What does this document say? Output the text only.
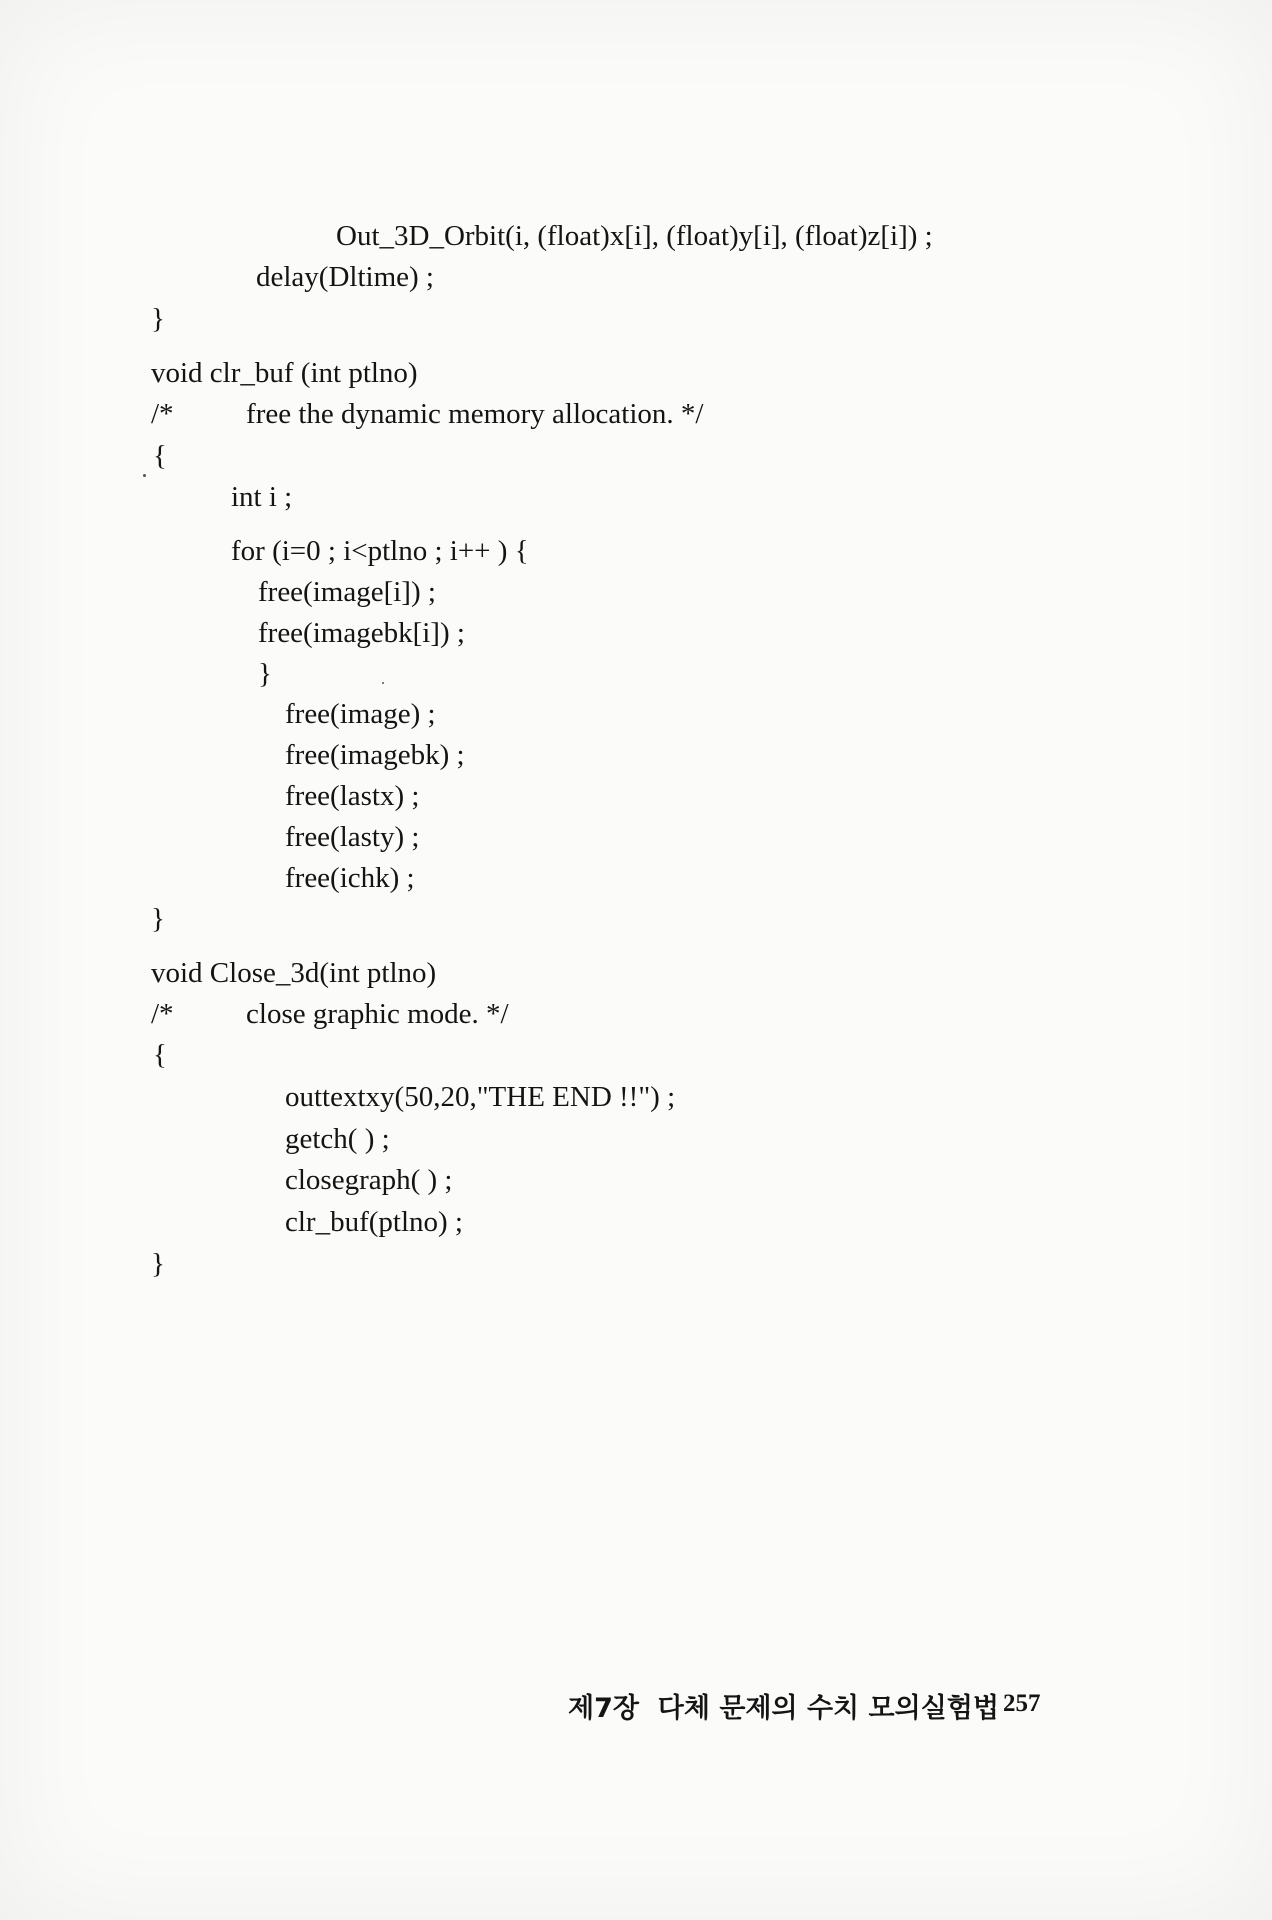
Out_3D_Orbit(i, (float)x[i], (float)y[i], (float)z[i]) ;
delay(Dltime) ;
}
void clr_buf (int ptlno)
/*          free the dynamic memory allocation. */
{
int i ;
for (i=0 ; i<ptlno ; i++ ) {
free(image[i]) ;
free(imagebk[i]) ;
}
free(image) ;
free(imagebk) ;
free(lastx) ;
free(lasty) ;
free(ichk) ;
}
void Close_3d(int ptlno)
/*          close graphic mode. */
{
outtextxy(50,20,"THE END !!") ;
getch( ) ;
closegraph( ) ;
clr_buf(ptlno) ;
}
제7장  다체 문제의 수치 모의실험법 257
